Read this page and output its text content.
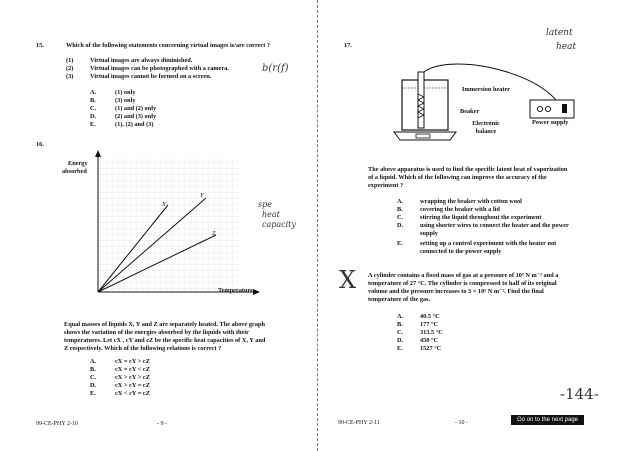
15.	Which of the following statements concerning virtual images is/are correct ?
(1)	Virtual images are always diminished.
(2)	Virtual images can be photographed with a camera.
(3)	Virtual images cannot be formed on a screen.
b(r(f)
A.	(1) only
B.	(3) only
C.	(1) and (2) only
D.	(2) and (3) only
E.	(1), (2) and (3)
16.
Energy
absorbed
X
Y
Z
Temperature
spe
heat
capacity
Equal masses of liquids X, Y and Z are separately heated. The above graph
shows the variation of the energies absorbed by the liquids with their
temperatures. Let cX , cY and cZ be the specific heat capacities of X, Y and
Z respectively. Which of the following relations is correct ?
A.	cX = cY > cZ
B.	cX = cY < cZ
C.	cX > cY > cZ
D.	cX > cY = cZ
E.	cX < cY = cZ
99-CE-PHY 2-10	- 9 -
17.
latent
heat
Immersion heater
Beaker
Electronic balance
Power supply
The above apparatus is used to find the specific latent heat of vaporization
of a liquid. Which of the following can improve the accuracy of the
experiment ?
A.	wrapping the beaker with cotton wool
B.	covering the beaker with a lid
C.	stirring the liquid throughout the experiment
D.	using shorter wires to connect the heater and the power
supply
E.	setting up a control experiment with the heater not
connected to the power supply
X A cylinder contains a fixed mass of gas at a pressure of 10⁵ N m⁻² and a
temperature of 27 °C. The cylinder is compressed to half of its original
volume and the pressure increases to 3 × 10⁵ N m⁻². Find the final
temperature of the gas.
A.	40.5 °C
B.	177 °C
C.	313.5 °C
D.	450 °C
E.	1527 °C
-144-
99-CE-PHY 2-11	- 10 -	Go on to the next page
